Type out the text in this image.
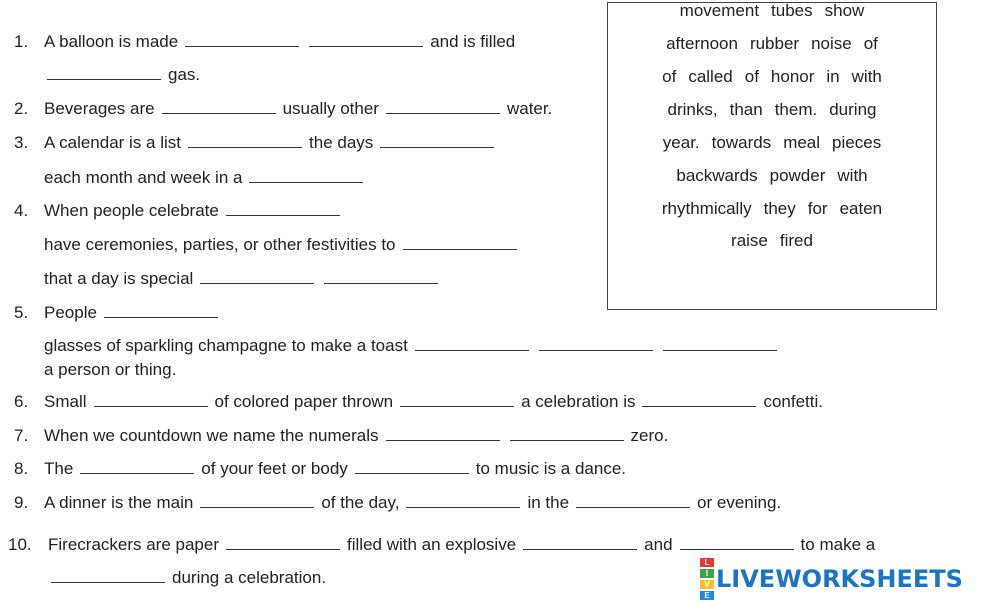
1. A balloon is made	and is filled
gas.
2. Beverages are	usually other	water.
3. A calendar is a list	the days
each month and week in a
4. When people celebrate
have ceremonies, parties, or other festivities to
that a day is special
5. People
glasses of sparkling champagne to make a toast
a person or thing.
6. Small	of colored paper thrown	a celebration is	confetti.
7. When we countdown we name the numerals	zero.
8. The	of your feet or body	to music is a dance.
9. A dinner is the main	of the day,	in the	or evening.
10. Firecrackers are paper	filled with an explosive	and	to make a
during a celebration.
movement tubes show
afternoon rubber noise of
of called of honor in with
drinks, than them. during
year. towards meal pieces
backwards powder with
rhythmically they for eaten
raise fired
L
I
V
E
LIVEWORKSHEETS
